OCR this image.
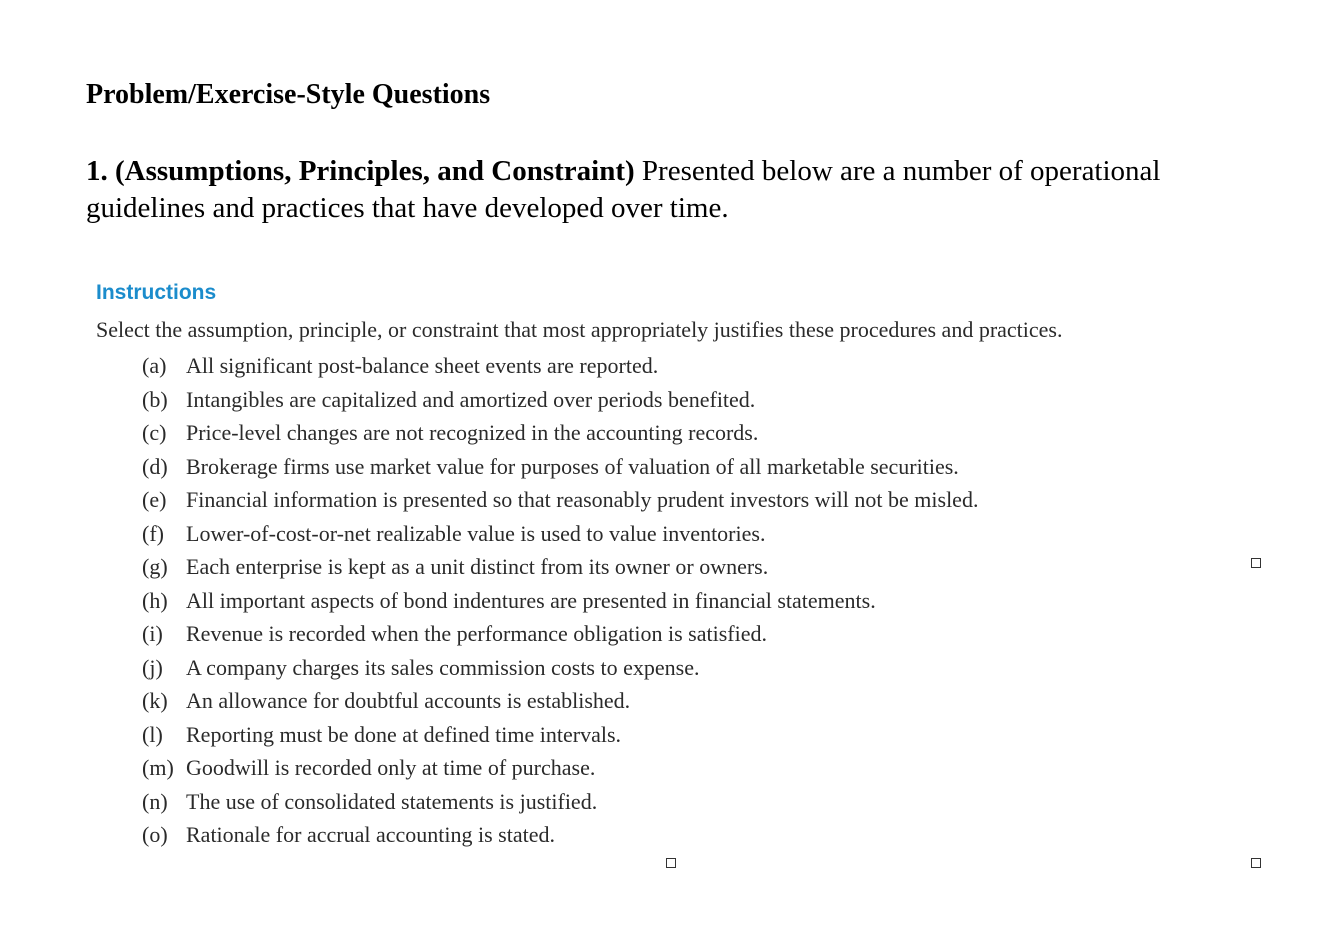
Problem/Exercise-Style Questions
1. (Assumptions, Principles, and Constraint) Presented below are a number of operational guidelines and practices that have developed over time.
Instructions
Select the assumption, principle, or constraint that most appropriately justifies these procedures and practices.
(a) All significant post-balance sheet events are reported.
(b) Intangibles are capitalized and amortized over periods benefited.
(c) Price-level changes are not recognized in the accounting records.
(d) Brokerage firms use market value for purposes of valuation of all marketable securities.
(e) Financial information is presented so that reasonably prudent investors will not be misled.
(f) Lower-of-cost-or-net realizable value is used to value inventories.
(g) Each enterprise is kept as a unit distinct from its owner or owners.
(h) All important aspects of bond indentures are presented in financial statements.
(i) Revenue is recorded when the performance obligation is satisfied.
(j) A company charges its sales commission costs to expense.
(k) An allowance for doubtful accounts is established.
(l) Reporting must be done at defined time intervals.
(m) Goodwill is recorded only at time of purchase.
(n) The use of consolidated statements is justified.
(o) Rationale for accrual accounting is stated.
